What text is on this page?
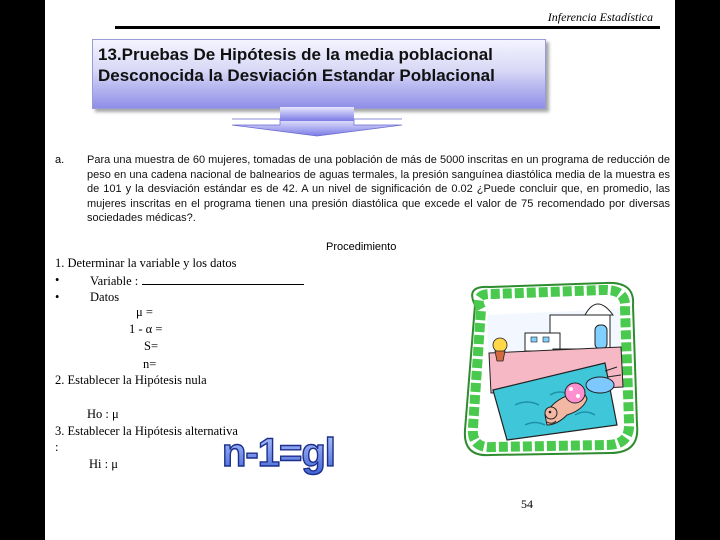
Inferencia Estadística
13.Pruebas De Hipótesis de la media poblacional
Desconocida la Desviación Estandar Poblacional
a. Para una muestra de 60 mujeres, tomadas de una población de más de 5000 inscritas en un programa de reducción de peso en una cadena nacional de balnearios de aguas termales, la presión sanguínea diastólica media de la muestra es de 101 y la desviación estándar es de 42. A un nivel de significación de 0.02 ¿Puede concluir que, en promedio, las mujeres inscritas en el programa tienen una presión diastólica que excede el valor de 75 recomendado por diversas sociedades médicas?.
Procedimiento
1. Determinar la variable y los datos
• Variable :
• Datos
μ =
1 - α =
S=
n=
2. Establecer la Hipótesis nula
Ho : μ
3. Establecer la Hipótesis alternativa
:
Hi : μ	n-1=gl
54
